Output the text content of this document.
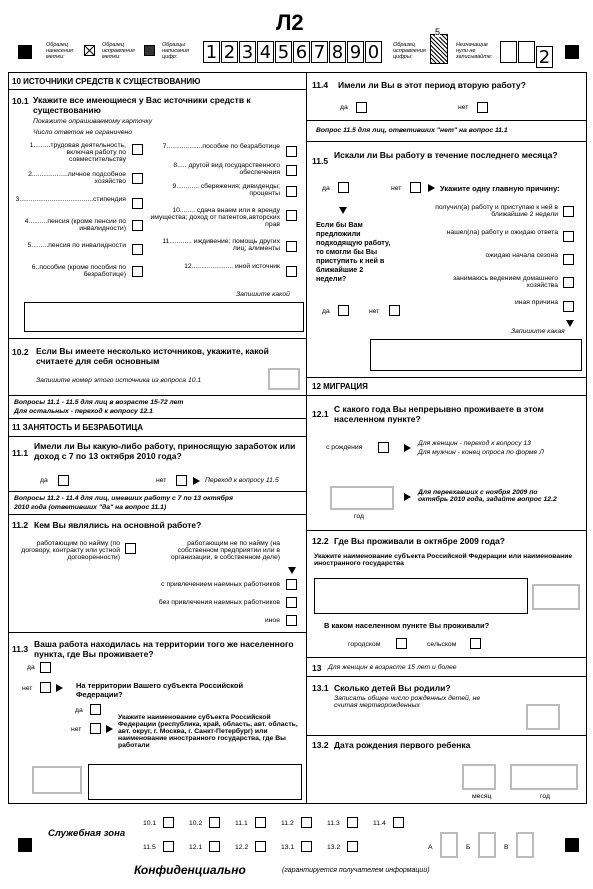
Л2
Образец нанесения метки:
Образец исправления метки:
Образцы написания цифр:	1 2 3 4 5 6 7 8 9 0	Образец исправления цифры:
5
Незначащие нули не записывайте:	2
10 ИСТОЧНИКИ СРЕДСТВ К СУЩЕСТВОВАНИЮ
10.1 Укажите все имеющиеся у Вас источники средств к существованию
Покажите опрашиваемому карточку
Число ответов не ограничено
1.........трудовая деятельность, включая работу по совместительству
2...................личное подсобное хозяйство
3.......................................стипендия
4..........пенсия (кроме пенсии по инвалидности)
5.........пенсия по инвалидности
6..пособие (кроме пособия по безработице)
7...................пособие по безработице
8..... другой вид государственного обеспечения
9............ сбережения; дивиденды; проценты
10........ сдача внаем или в аренду имущества; доход от патентов,авторских прав
11............ иждивение; помощь других лиц; алименты
12...................... иной источник
Запишите какой
10.2 Если Вы имеете несколько источников, укажите, какой считаете для себя основным
Запишите номер этого источника из вопроса 10.1
Вопросы 11.1 - 11.5 для лиц в возрасте 15-72 лет
Для остальных - переход к вопросу 12.1
11 ЗАНЯТОСТЬ И БЕЗРАБОТИЦА
11.1
Имели ли Вы какую-либо работу, приносящую заработок или доход с 7 по 13 октября 2010 года?
да	нет	Переход к вопросу 11.5
Вопросы 11.2 - 11.4 для лиц, имевших работу с 7 по 13 октября
2010 года (ответивших "да" на вопрос 11.1)
11.2 Кем Вы являлись на основной работе?
работающим по найму (по договору, контракту или устной договоренности)
работающим не по найму (на собственном предприятии или в организации, в собственном деле)
с привлечением наемных работников
без привлечения наемных работников
иное
11.3 Ваша работа находилась на территории того же населенного пункта, где Вы проживаете?
да
нет	На территории Вашего субъекта Российской Федерации?
да
нет
Укажите наименование субъекта Российской Федерации (республика, край, область, авт. область, авт. округ, г. Москва, г. Санкт-Петербург) или наименование иностранного государства, где Вы работали
11.4 Имели ли Вы в этот период вторую работу?
да	нет
Вопрос 11.5 для лиц, ответивших "нет" на вопрос 11.1
11.5
Искали ли Вы работу в течение последнего месяца?
да	нет	Укажите одну главную причину:
получил(а) работу и приступаю к ней в ближайшие 2 недели
нашел(ла) работу и ожидаю ответа
ожидаю начала сезона
занимаюсь ведением домашнего хозяйства
иная причина
Если бы Вам предложили подходящую работу, то смогли бы Вы приступить к ней в ближайшие 2 недели?
да	нет
Запишите какая
12 МИГРАЦИЯ
12.1 С какого года Вы непрерывно проживаете в этом населенном пункте?
с рождения
Для женщин - переход к вопросу 13
Для мужчин - конец опроса по форме Л
год
Для переехавших с ноября 2009 по октябрь 2010 года, задайте вопрос 12.2
12.2 Где Вы проживали в октябре 2009 года?
Укажите наименование субъекта Российской Федерации или наименование иностранного государства
В каком населенном пункте Вы проживали?
городском	сельском
13 Для женщин в возрасте 15 лет и более
13.1 Сколько детей Вы родили?
Записать общее число рожденных детей, не считая мертворожденных
13.2 Дата рождения первого ребенка
месяц	год
Служебная зона
10.1	10.2	11.1	11.2	11.3	11.4
11.5	12.1	12.2	13.1	13.2	А	Б	В
Конфиденциально	(гарантируется получателем информации)
